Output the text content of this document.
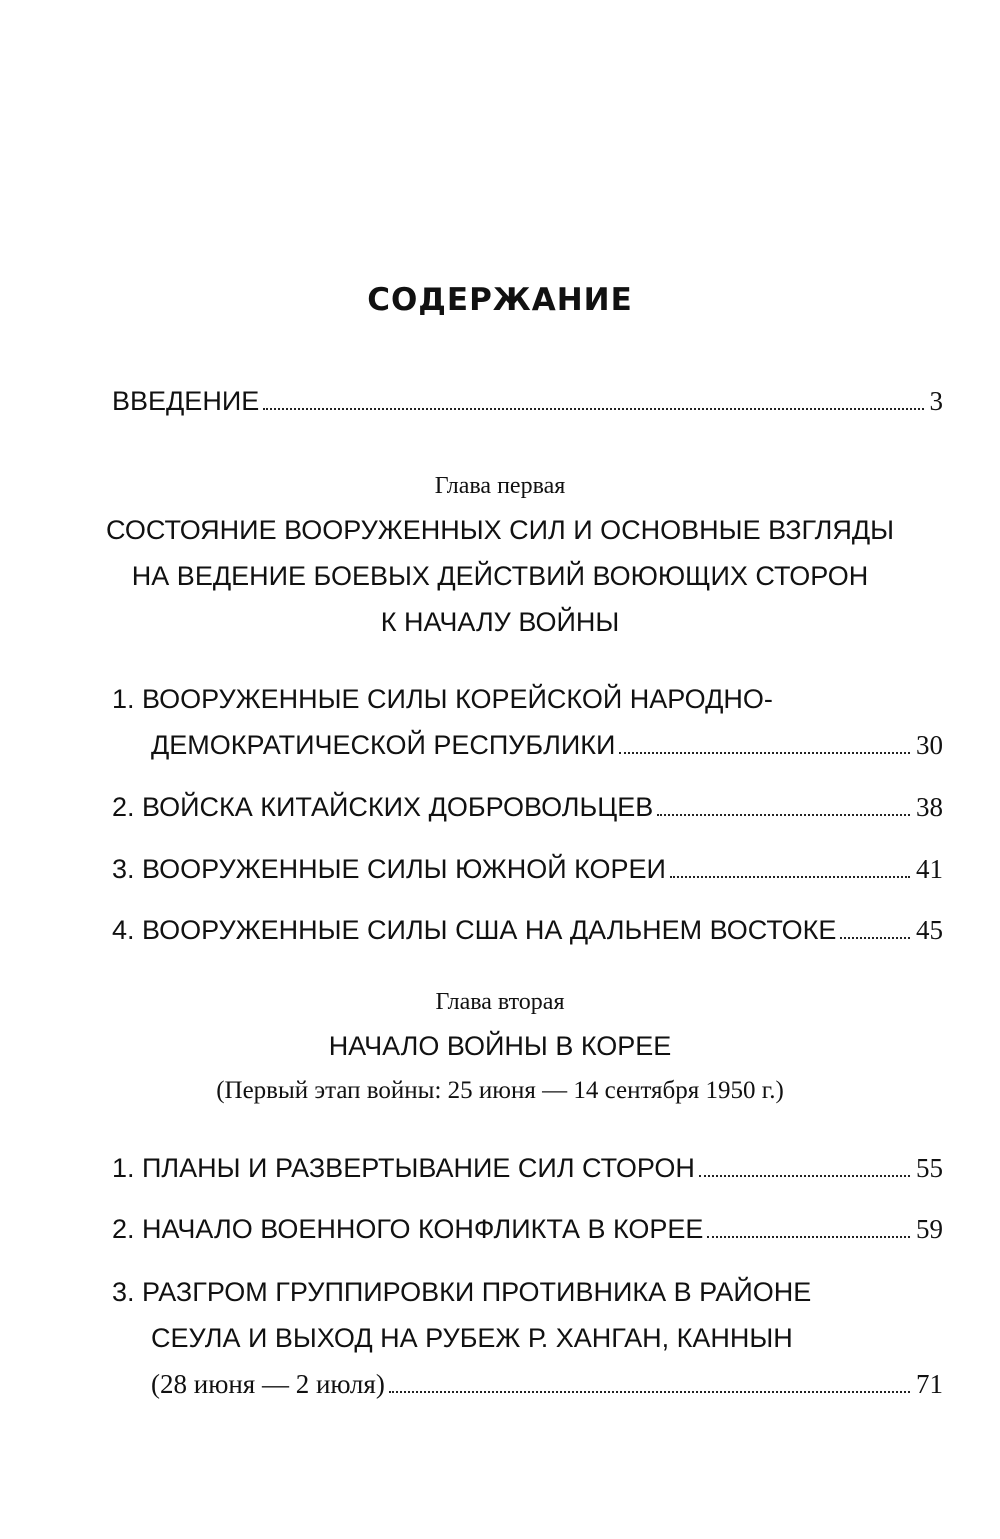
СОДЕРЖАНИЕ
ВВЕДЕНИЕ	3
Глава первая
СОСТОЯНИЕ ВООРУЖЕННЫХ СИЛ И ОСНОВНЫЕ ВЗГЛЯДЫ
НА ВЕДЕНИЕ БОЕВЫХ ДЕЙСТВИЙ ВОЮЮЩИХ СТОРОН
К НАЧАЛУ ВОЙНЫ
1. ВООРУЖЕННЫЕ СИЛЫ КОРЕЙСКОЙ НАРОДНО-
ДЕМОКРАТИЧЕСКОЙ РЕСПУБЛИКИ	30
2. ВОЙСКА КИТАЙСКИХ ДОБРОВОЛЬЦЕВ	38
3. ВООРУЖЕННЫЕ СИЛЫ ЮЖНОЙ КОРЕИ	41
4. ВООРУЖЕННЫЕ СИЛЫ США НА ДАЛЬНЕМ ВОСТОКЕ	45
Глава вторая
НАЧАЛО ВОЙНЫ В КОРЕЕ
(Первый этап войны: 25 июня — 14 сентября 1950 г.)
1. ПЛАНЫ И РАЗВЕРТЫВАНИЕ СИЛ СТОРОН	55
2. НАЧАЛО ВОЕННОГО КОНФЛИКТА В КОРЕЕ	59
3. РАЗГРОМ ГРУППИРОВКИ ПРОТИВНИКА В РАЙОНЕ
СЕУЛА И ВЫХОД НА РУБЕЖ Р. ХАНГАН, КАННЫН
(28 июня — 2 июля)	71
